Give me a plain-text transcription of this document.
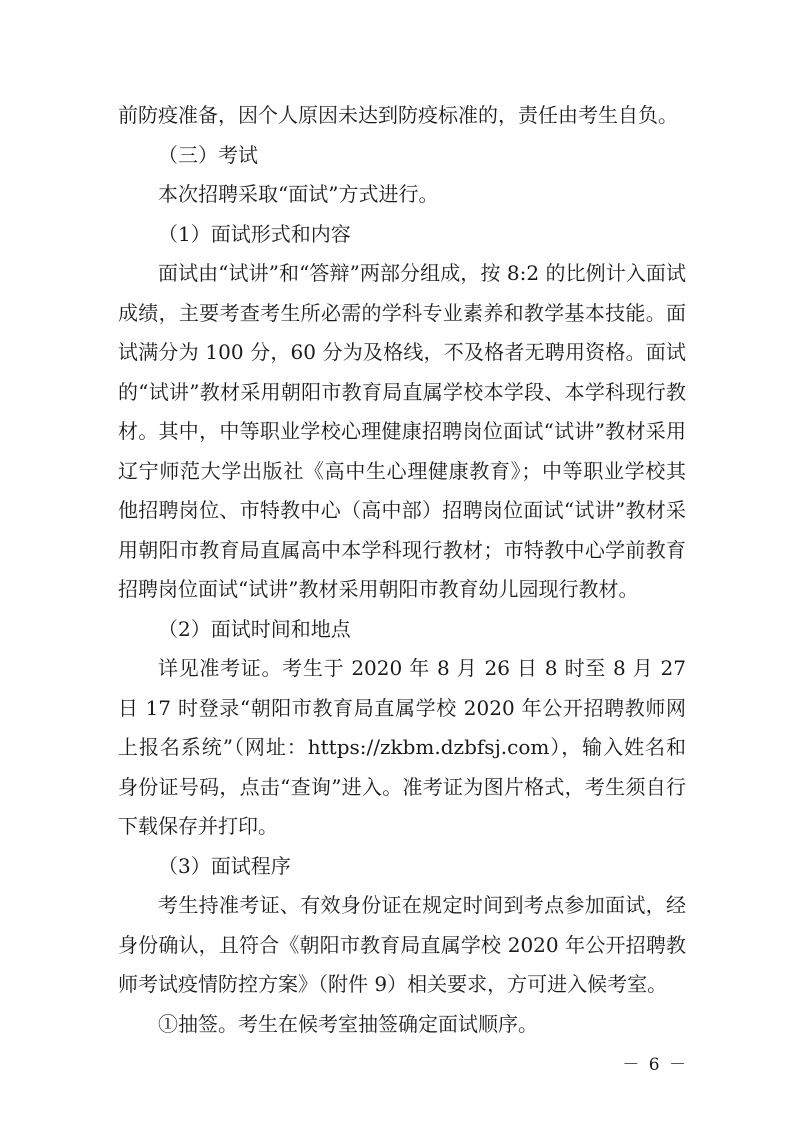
前防疫准备，因个人原因未达到防疫标准的，责任由考生自负。

（三）考试

本次招聘采取“面试”方式进行。

（1）面试形式和内容

面试由“试讲”和“答辩”两部分组成，按 8:2 的比例计入面试成绩，主要考查考生所必需的学科专业素养和教学基本技能。面试满分为 100 分，60 分为及格线，不及格者无聘用资格。面试的“试讲”教材采用朝阳市教育局直属学校本学段、本学科现行教材。其中，中等职业学校心理健康招聘岗位面试“试讲”教材采用辽宁师范大学出版社《高中生心理健康教育》；中等职业学校其他招聘岗位、市特教中心（高中部）招聘岗位面试“试讲”教材采用朝阳市教育局直属高中本学科现行教材；市特教中心学前教育招聘岗位面试“试讲”教材采用朝阳市教育幼儿园现行教材。

（2）面试时间和地点

详见准考证。考生于 2020 年 8 月 26 日 8 时至 8 月 27 日 17 时登录“朝阳市教育局直属学校 2020 年公开招聘教师网上报名系统”（网址：https://zkbm.dzbfsj.com），输入姓名和身份证号码，点击“查询”进入。准考证为图片格式，考生须自行下载保存并打印。

（3）面试程序

考生持准考证、有效身份证在规定时间到考点参加面试，经身份确认，且符合《朝阳市教育局直属学校 2020 年公开招聘教师考试疫情防控方案》（附件 9）相关要求，方可进入候考室。

①抽签。考生在候考室抽签确定面试顺序。

－ 6 －
